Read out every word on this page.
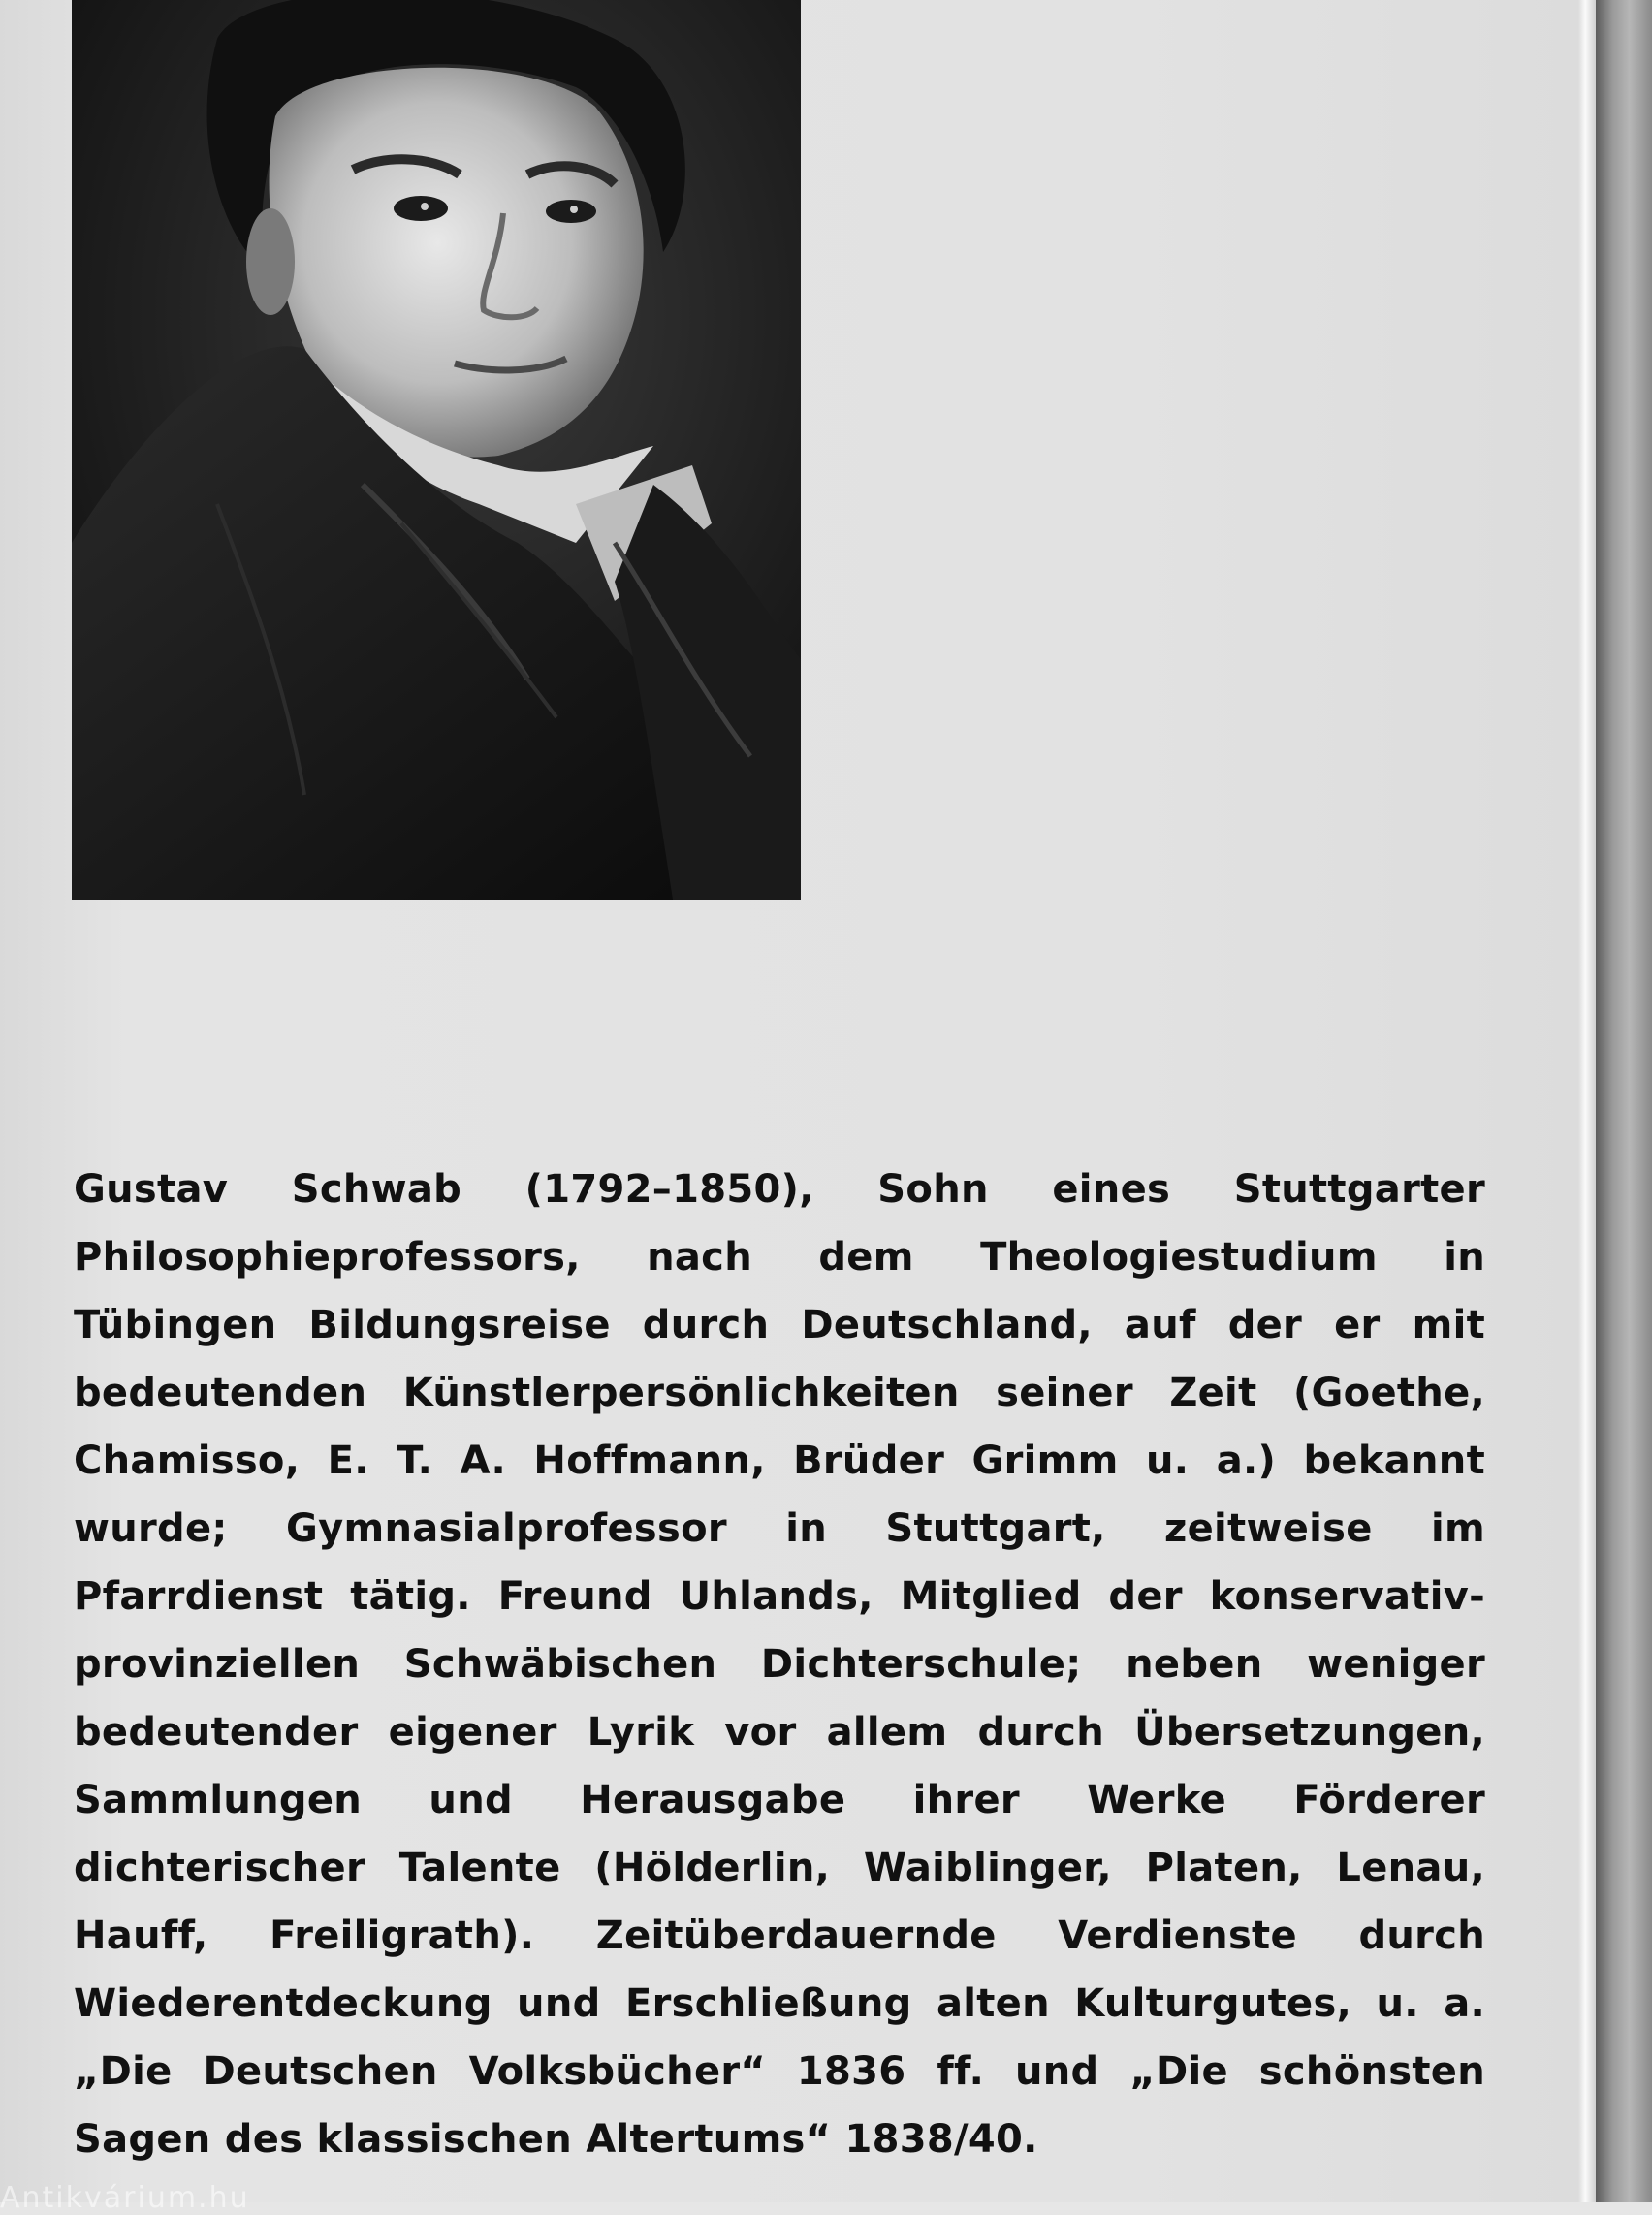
Gustav Schwab (1792–1850), Sohn eines Stuttgarter Philosophieprofessors, nach dem Theologiestudium in Tübingen Bildungsreise durch Deutschland, auf der er mit bedeutenden Künstlerpersönlichkeiten seiner Zeit (Goethe, Chamisso, E. T. A. Hoffmann, Brüder Grimm u. a.) bekannt wurde; Gymnasialprofessor in Stuttgart, zeitweise im Pfarrdienst tätig. Freund Uhlands, Mitglied der konservativ-provinziellen Schwäbischen Dichterschule; neben weniger bedeutender eigener Lyrik vor allem durch Übersetzungen, Sammlungen und Herausgabe ihrer Werke Förderer dichterischer Talente (Hölderlin, Waiblinger, Platen, Lenau, Hauff, Freiligrath). Zeitüberdauernde Verdienste durch Wiederentdeckung und Erschließung alten Kulturgutes, u. a. „Die Deutschen Volksbücher“ 1836 ff. und „Die schönsten Sagen des klassischen Altertums“ 1838/40.

Antikvárium.hu
